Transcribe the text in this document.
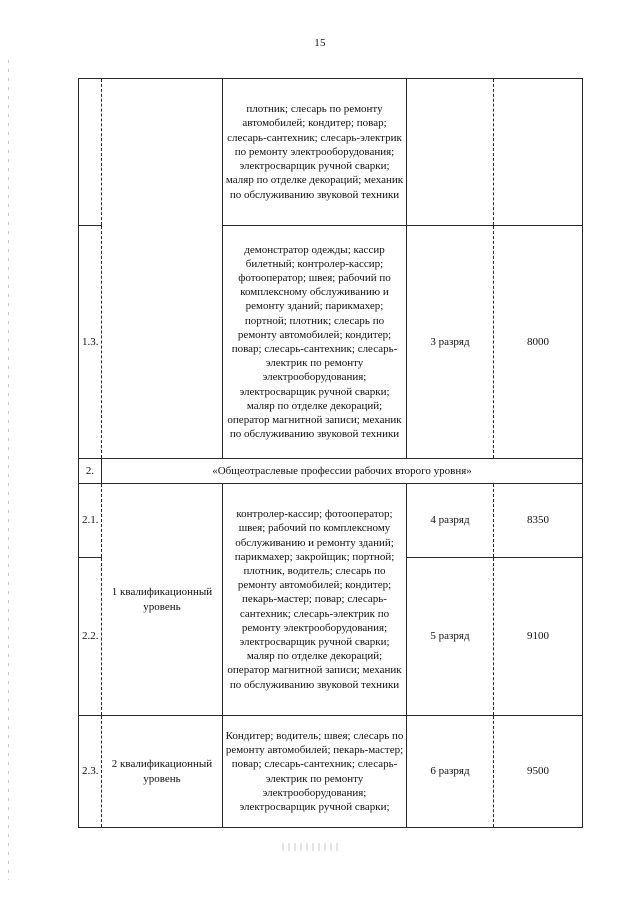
15
		плотник; слесарь по ремонту автомобилей; кондитер; повар; слесарь-сантехник; слесарь-электрик по ремонту электрооборудования; электросварщик ручной сварки; маляр по отделке декораций; механик по обслуживанию звуковой техники		
1.3.		демонстратор одежды; кассир билетный; контролер-кассир; фотооператор; швея; рабочий по комплексному обслуживанию и ремонту зданий; парикмахер; портной; плотник; слесарь по ремонту автомобилей; кондитер; повар; слесарь-сантехник; слесарь-электрик по ремонту электрооборудования; электросварщик ручной сварки; маляр по отделке декораций; оператор магнитной записи; механик по обслуживанию звуковой техники	3 разряд	8000
2.	«Общеотраслевые профессии рабочих второго уровня»			
2.1.	1 квалификационный уровень	контролер-кассир; фотооператор; швея; рабочий по комплексному обслуживанию и ремонту зданий; парикмахер; закройщик; портной; плотник, водитель; слесарь по ремонту автомобилей; кондитер; пекарь-мастер; повар; слесарь-сантехник; слесарь-электрик по ремонту электрооборудования; электросварщик ручной сварки; маляр по отделке декораций; оператор магнитной записи; механик по обслуживанию звуковой техники	4 разряд	8350
2.2.			5 разряд	9100
2.3.	2 квалификационный уровень	Кондитер; водитель; швея; слесарь по ремонту автомобилей; пекарь-мастер; повар; слесарь-сантехник; слесарь-электрик по ремонту электрооборудования; электросварщик ручной сварки;	6 разряд	9500
